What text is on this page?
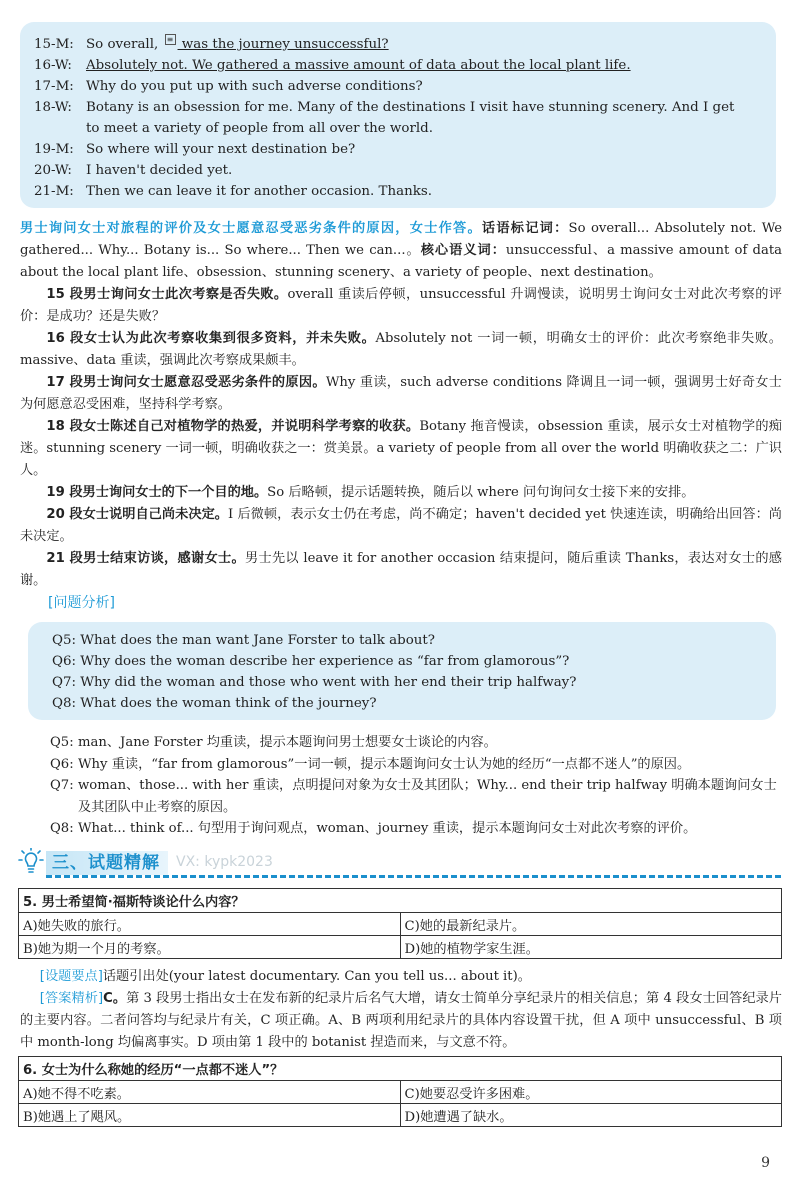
15-M: So overall, ≡ was the journey unsuccessful?
16-W:	Absolutely not. We gathered a massive amount of data about the local plant life.
17-M: Why do you put up with such adverse conditions?
18-W:	Botany is an obsession for me. Many of the destinations I visit have stunning scenery. And I get
to meet a variety of people from all over the world.
19-M: So where will your next destination be?
20-W:	I haven't decided yet.
21-M: Then we can leave it for another occasion. Thanks.

男士询问女士对旅程的评价及女士愿意忍受恶劣条件的原因，女士作答。话语标记词：So overall... Absolutely not. We gathered... Why... Botany is... So where... Then we can...。核心语义词：unsuccessful、a massive amount of data about the local plant life、obsession、stunning scenery、a variety of people、next destination。

15 段男士询问女士此次考察是否失败。overall 重读后停顿，unsuccessful 升调慢读，说明男士询问女士对此次考察的评价：是成功？还是失败？

16 段女士认为此次考察收集到很多资料，并未失败。Absolutely not 一词一顿，明确女士的评价：此次考察绝非失败。massive、data 重读，强调此次考察成果颇丰。

17 段男士询问女士愿意忍受恶劣条件的原因。Why 重读，such adverse conditions 降调且一词一顿，强调男士好奇女士为何愿意忍受困难，坚持科学考察。

18 段女士陈述自己对植物学的热爱，并说明科学考察的收获。Botany 拖音慢读，obsession 重读，展示女士对植物学的痴迷。stunning scenery 一词一顿，明确收获之一：赏美景。a variety of people from all over the world 明确收获之二：广识人。

19 段男士询问女士的下一个目的地。So 后略顿，提示话题转换，随后以 where 问句询问女士接下来的安排。

20 段女士说明自己尚未决定。I 后微顿，表示女士仍在考虑，尚不确定；haven't decided yet 快速连读，明确给出回答：尚未决定。

21 段男士结束访谈，感谢女士。男士先以 leave it for another occasion 结束提问，随后重读 Thanks，表达对女士的感谢。

[问题分析]

Q5: What does the man want Jane Forster to talk about?

Q6: Why does the woman describe her experience as “far from glamorous”?

Q7: Why did the woman and those who went with her end their trip halfway?

Q8: What does the woman think of the journey?

Q5: man、Jane Forster 均重读，提示本题询问男士想要女士谈论的内容。
Q6: Why 重读，“far from glamorous”一词一顿，提示本题询问女士认为她的经历“一点都不迷人”的原因。
Q7: woman、those... with her 重读，点明提问对象为女士及其团队；Why... end their trip halfway 明确本题询问女士及其团队中止考察的原因。
Q8: What... think of... 句型用于询问观点，woman、journey 重读，提示本题询问女士对此次考察的评价。
三、试题精解	VX: kypk2023
5. 男士希望简·福斯特谈论什么内容？	
A)她失败的旅行。	C)她的最新纪录片。
B)她为期一个月的考察。	D)她的植物学家生涯。

[设题要点]话题引出处(your latest documentary. Can you tell us... about it)。

[答案精析]C。第 3 段男士指出女士在发布新的纪录片后名气大增，请女士简单分享纪录片的相关信息；第 4 段女士回答纪录片的主要内容。二者问答均与纪录片有关，C 项正确。A、B 两项利用纪录片的具体内容设置干扰，但 A 项中 unsuccessful、B 项中 month-long 均偏离事实。D 项由第 1 段中的 botanist 捏造而来，与文意不符。

6. 女士为什么称她的经历“一点都不迷人”？	
A)她不得不吃素。	C)她要忍受许多困难。
B)她遇上了飓风。	D)她遭遇了缺水。
9
